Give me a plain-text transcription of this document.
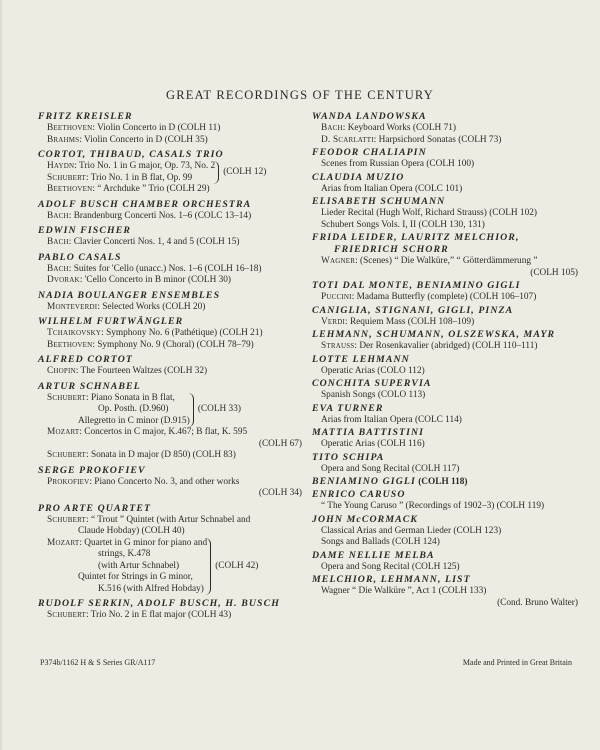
GREAT RECORDINGS OF THE CENTURY
FRITZ KREISLER
Beethoven: Violin Concerto in D (COLH 11)
Brahms: Violin Concerto in D (COLH 35)
CORTOT, THIBAUD, CASALS TRIO
Haydn: Trio No. 1 in G major, Op. 73, No. 2
Schubert: Trio No. 1 in B flat, Op. 99
(COLH 12)
Beethoven: “ Archduke ” Trio (COLH 29)
ADOLF BUSCH CHAMBER ORCHESTRA
Bach: Brandenburg Concerti Nos. 1–6 (COLC 13–14)
EDWIN FISCHER
Bach: Clavier Concerti Nos. 1, 4 and 5 (COLH 15)
PABLO CASALS
Bach: Suites for 'Cello (unacc.) Nos. 1–6 (COLH 16–18)
Dvorak: 'Cello Concerto in B minor (COLH 30)
NADIA BOULANGER ENSEMBLES
Monteverdi: Selected Works (COLH 20)
WILHELM FURTWÄNGLER
Tchaikovsky: Symphony No. 6 (Pathétique) (COLH 21)
Beethoven: Symphony No. 9 (Choral) (COLH 78–79)
ALFRED CORTOT
Chopin: The Fourteen Waltzes (COLH 32)
ARTUR SCHNABEL
Schubert: Piano Sonata in B flat,
Op. Posth. (D.960)
Allegretto in C minor (D.915)
(COLH 33)
Mozart: Concertos in C major, K.467; B flat, K. 595
(COLH 67)
Schubert: Sonata in D major (D 850) (COLH 83)
SERGE PROKOFIEV
Prokofiev: Piano Concerto No. 3, and other works
(COLH 34)
PRO ARTE QUARTET
Schubert: “ Trout ” Quintet (with Artur Schnabel and
Claude Hobday) (COLH 40)
Mozart: Quartet in G minor for piano and
strings, K.478
(with Artur Schnabel)
Quintet for Strings in G minor,
K.516 (with Alfred Hobday)
(COLH 42)
RUDOLF SERKIN, ADOLF BUSCH, H. BUSCH
Schubert: Trio No. 2 in E flat major (COLH 43)
WANDA LANDOWSKA
Bach: Keyboard Works (COLH 71)
D. Scarlatti: Harpsichord Sonatas (COLH 73)
FEODOR CHALIAPIN
Scenes from Russian Opera (COLH 100)
CLAUDIA MUZIO
Arias from Italian Opera (COLC 101)
ELISABETH SCHUMANN
Lieder Recital (Hugh Wolf, Richard Strauss) (COLH 102)
Schubert Songs Vols. I, II (COLH 130, 131)
FRIDA LEIDER, LAURITZ MELCHIOR,
FRIEDRICH SCHORR
Wagner: (Scenes) “ Die Walküre,” “ Götterdämmerung ”
(COLH 105)
TOTI DAL MONTE, BENIAMINO GIGLI
Puccini: Madama Butterfly (complete) (COLH 106–107)
CANIGLIA, STIGNANI, GIGLI, PINZA
Verdi: Requiem Mass (COLH 108–109)
LEHMANN, SCHUMANN, OLSZEWSKA, MAYR
Strauss: Der Rosenkavalier (abridged) (COLH 110–111)
LOTTE LEHMANN
Operatic Arias (COLO 112)
CONCHITA SUPERVIA
Spanish Songs (COLO 113)
EVA TURNER
Arias from Italian Opera (COLC 114)
MATTIA BATTISTINI
Operatic Arias (COLH 116)
TITO SCHIPA
Opera and Song Recital (COLH 117)
BENIAMINO GIGLI (COLH 118)
ENRICO CARUSO
“ The Young Caruso ” (Recordings of 1902–3) (COLH 119)
JOHN McCORMACK
Classical Arias and German Lieder (COLH 123)
Songs and Ballads (COLH 124)
DAME NELLIE MELBA
Opera and Song Recital (COLH 125)
MELCHIOR, LEHMANN, LIST
Wagner “ Die Walküre ”, Act 1 (COLH 133)
(Cond. Bruno Walter)
P374b/1162 H & S Series GR/A117	Made and Printed in Great Britain
